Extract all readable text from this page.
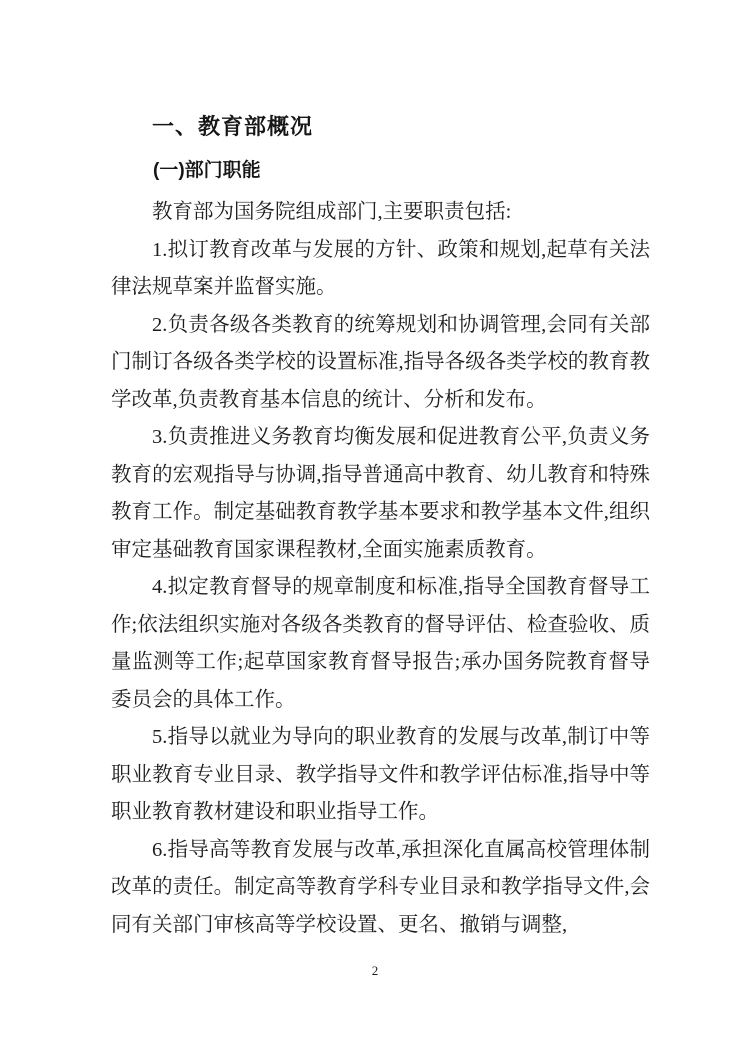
一、教育部概况
(一)部门职能

教育部为国务院组成部门,主要职责包括:

1.拟订教育改革与发展的方针、政策和规划,起草有关法律法规草案并监督实施。

2.负责各级各类教育的统筹规划和协调管理,会同有关部门制订各级各类学校的设置标准,指导各级各类学校的教育教学改革,负责教育基本信息的统计、分析和发布。

3.负责推进义务教育均衡发展和促进教育公平,负责义务教育的宏观指导与协调,指导普通高中教育、幼儿教育和特殊教育工作。制定基础教育教学基本要求和教学基本文件,组织审定基础教育国家课程教材,全面实施素质教育。

4.拟定教育督导的规章制度和标准,指导全国教育督导工作;依法组织实施对各级各类教育的督导评估、检查验收、质量监测等工作;起草国家教育督导报告;承办国务院教育督导委员会的具体工作。

5.指导以就业为导向的职业教育的发展与改革,制订中等职业教育专业目录、教学指导文件和教学评估标准,指导中等职业教育教材建设和职业指导工作。

6.指导高等教育发展与改革,承担深化直属高校管理体制改革的责任。制定高等教育学科专业目录和教学指导文件,会同有关部门审核高等学校设置、更名、撤销与调整,

2
